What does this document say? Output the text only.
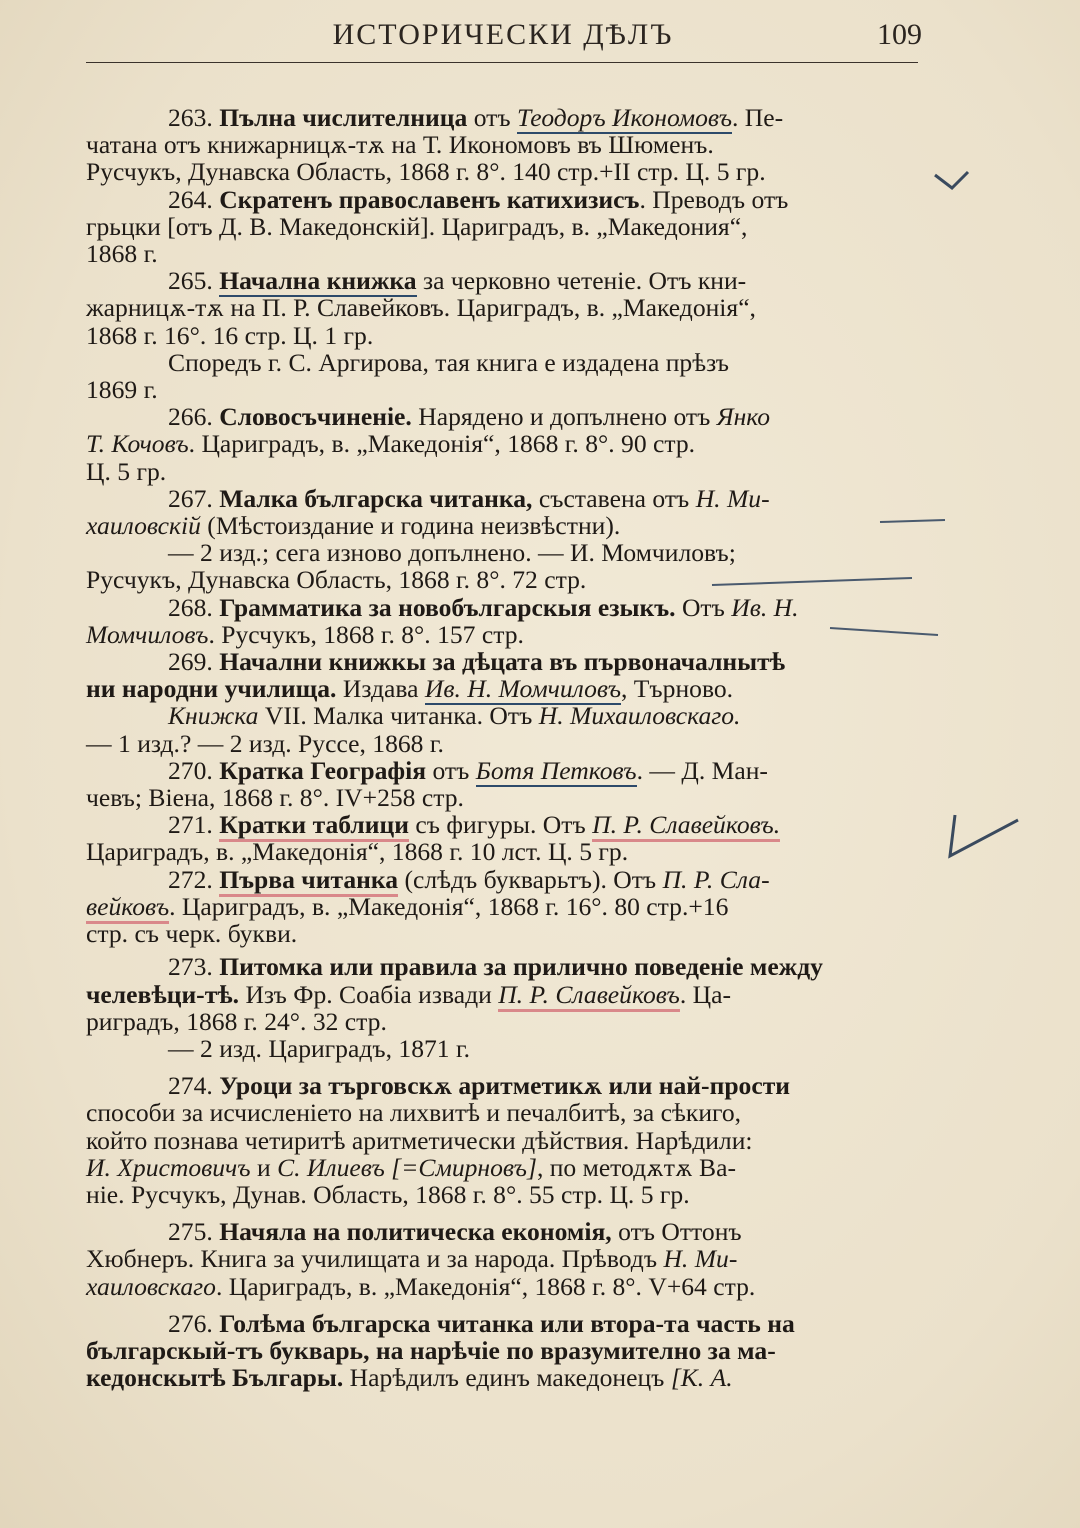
ИСТОРИЧЕСКИ ДѢЛЪ	109

263. Пълна числителница отъ Теодоръ Икономовъ. Пе-

чатана отъ книжарницѫ-тѫ на Т. Икономовъ въ Шюменъ.

Русчукъ, Дунавска Область, 1868 г. 8°. 140 стр.+II стр. Ц. 5 гр.

264. Скратенъ православенъ катихизисъ. Преводъ отъ

грьцки [отъ Д. В. Македонскій]. Цариградъ, в. „Македония“,

1868 г.

265. Начална книжка за черковно четеніе. Отъ кни-

жарницѫ-тѫ на П. Р. Славейковъ. Цариградъ, в. „Македонія“,

1868 г. 16°. 16 стр. Ц. 1 гр.

Споредъ г. С. Аргирова, тая книга е издадена прѣзъ

1869 г.

266. Словосъчиненіе. Нарядено и допълнено отъ Янко

Т. Кочовъ. Цариградъ, в. „Македонія“, 1868 г. 8°. 90 стр.

Ц. 5 гр.

267. Малка българска читанка, съставена отъ Н. Ми-

хаиловскій (Мѣстоиздание и година неизвѣстни).

— 2 изд.; сега изново допълнено. — И. Момчиловъ;

Русчукъ, Дунавска Область, 1868 г. 8°. 72 стр.

268. Грамматика за новобългарскыя езыкъ. Отъ Ив. Н.

Момчиловъ. Русчукъ, 1868 г. 8°. 157 стр.

269. Начални книжкы за дѣцата въ първоначалнытѣ

ни народни училища. Издава Ив. Н. Момчиловъ, Търново.

Книжка VII. Малка читанка. Отъ Н. Михаиловскаго.

— 1 изд.? — 2 изд. Руссе, 1868 г.

270. Кратка Географія отъ Ботя Петковъ. — Д. Ман-

чевъ; Віена, 1868 г. 8°. IV+258 стр.

271. Кратки таблици съ фигуры. Отъ П. Р. Славейковъ.

Цариградъ, в. „Македонія“, 1868 г. 10 лст. Ц. 5 гр.

272. Първа читанка (слѣдъ букварьтъ). Отъ П. Р. Сла-

вейковъ. Цариградъ, в. „Македонія“, 1868 г. 16°. 80 стр.+16

стр. съ черк. букви.

273. Питомка или правила за прилично поведеніе между

челевѣци-тѣ. Изъ Фр. Соабіа извади П. Р. Славейковъ. Ца-

риградъ, 1868 г. 24°. 32 стр.

— 2 изд. Цариградъ, 1871 г.

274. Уроци за търговскѫ аритметикѫ или най-прости

способи за исчисленіето на лихвитѣ и печалбитѣ, за сѣкиго,

който познава четиритѣ аритметически дѣйствия. Нарѣдили:

И. Христовичъ и С. Илиевъ [=Смирновъ], по методѫтѫ Ва-

ніе. Русчукъ, Дунав. Область, 1868 г. 8°. 55 стр. Ц. 5 гр.

275. Начяла на политическа економія, отъ Оттонъ

Хюбнеръ. Книга за училищата и за народа. Прѣводъ Н. Ми-

хаиловскаго. Цариградъ, в. „Македонія“, 1868 г. 8°. V+64 стр.

276. Голѣма българска читанка или втора-та часть на

българскый-тъ букварь, на нарѣчіе по вразумително за ма-

кедонскытѣ Българы. Нарѣдилъ единъ македонецъ [К. А.
